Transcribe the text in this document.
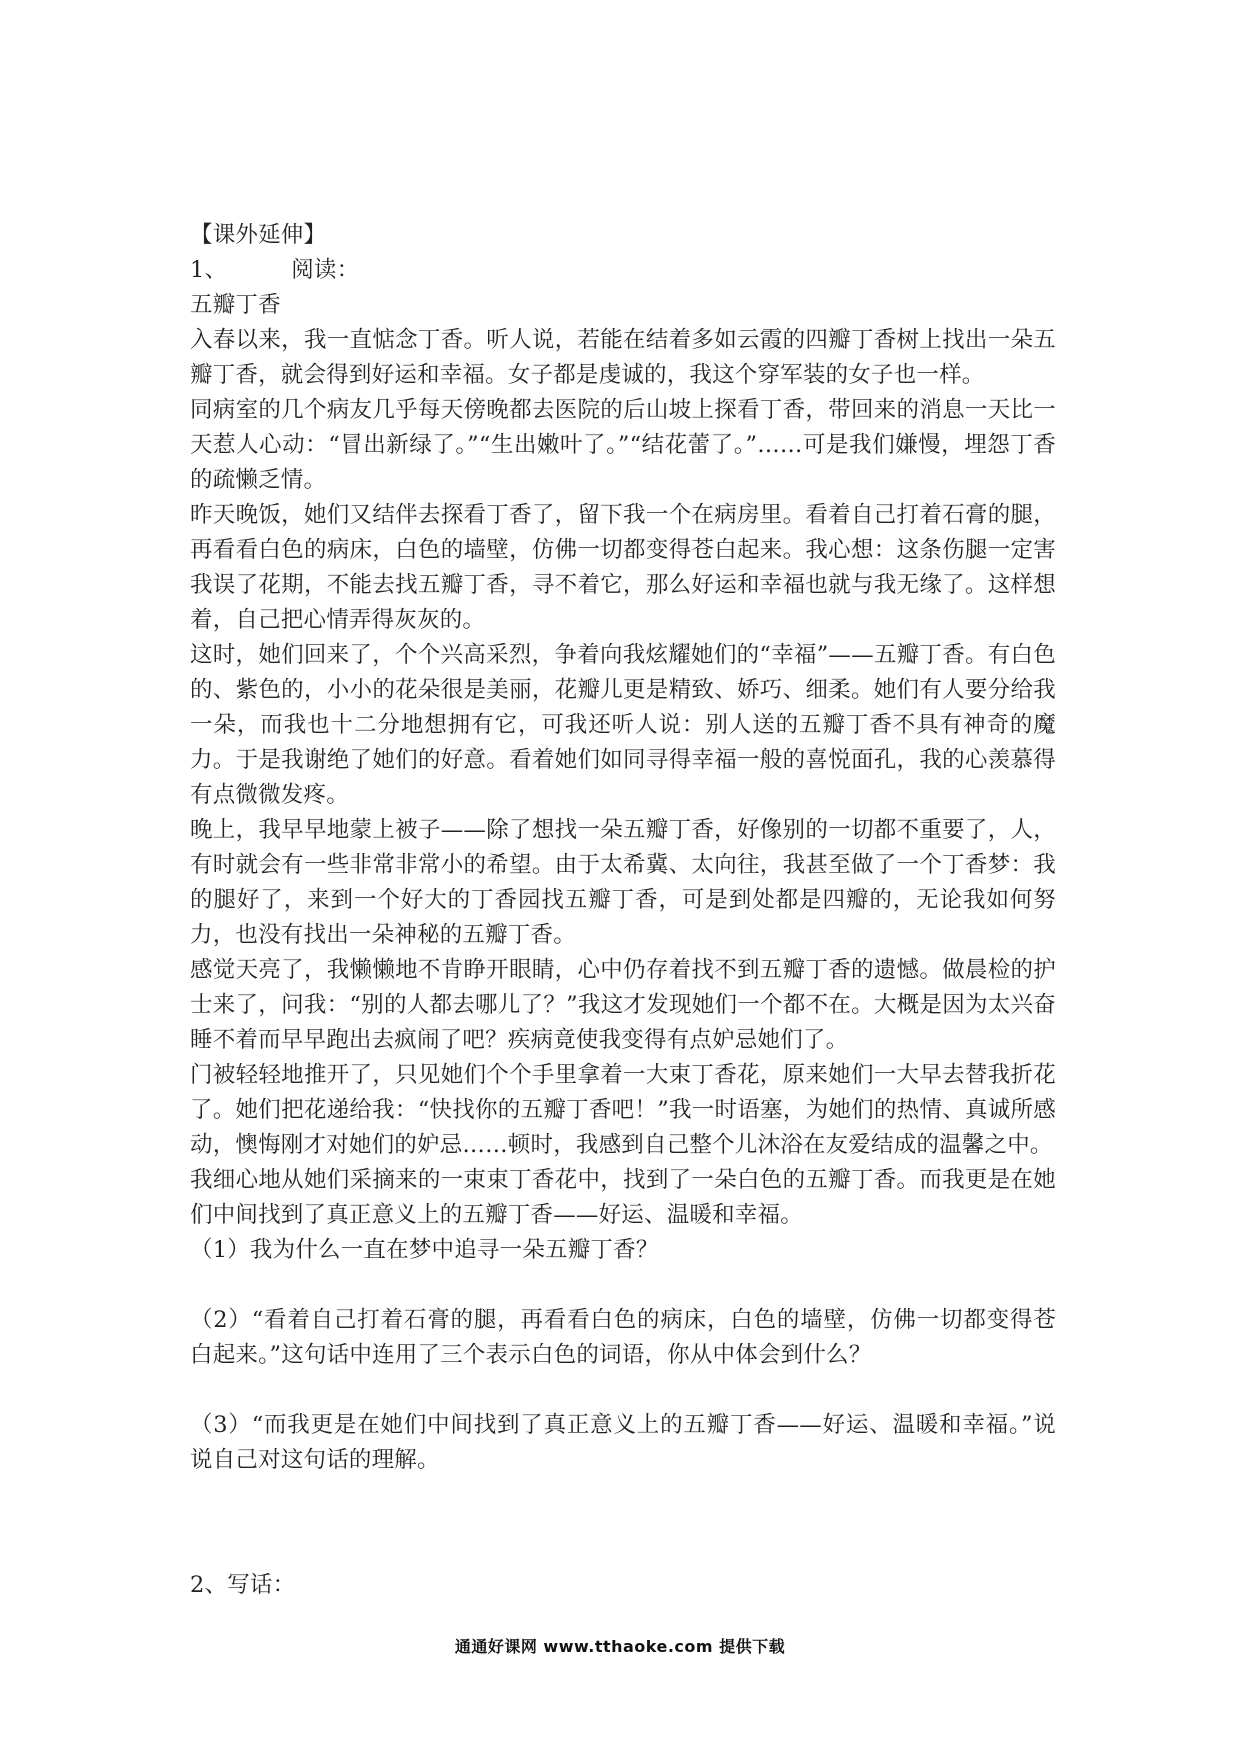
【课外延伸】
1、	阅读：
五瓣丁香
入春以来，我一直惦念丁香。听人说，若能在结着多如云霞的四瓣丁香树上找出一朵五瓣丁香，就会得到好运和幸福。女子都是虔诚的，我这个穿军装的女子也一样。
同病室的几个病友几乎每天傍晚都去医院的后山坡上探看丁香，带回来的消息一天比一天惹人心动：“冒出新绿了。”“生出嫩叶了。”“结花蕾了。”……可是我们嫌慢，埋怨丁香的疏懒乏情。
昨天晚饭，她们又结伴去探看丁香了，留下我一个在病房里。看着自己打着石膏的腿，再看看白色的病床，白色的墙壁，仿佛一切都变得苍白起来。我心想：这条伤腿一定害我误了花期，不能去找五瓣丁香，寻不着它，那么好运和幸福也就与我无缘了。这样想着，自己把心情弄得灰灰的。
这时，她们回来了，个个兴高采烈，争着向我炫耀她们的“幸福”——五瓣丁香。有白色的、紫色的，小小的花朵很是美丽，花瓣儿更是精致、娇巧、细柔。她们有人要分给我一朵，而我也十二分地想拥有它，可我还听人说：别人送的五瓣丁香不具有神奇的魔力。于是我谢绝了她们的好意。看着她们如同寻得幸福一般的喜悦面孔，我的心羡慕得有点微微发疼。
晚上，我早早地蒙上被子——除了想找一朵五瓣丁香，好像别的一切都不重要了，人，有时就会有一些非常非常小的希望。由于太希冀、太向往，我甚至做了一个丁香梦：我的腿好了，来到一个好大的丁香园找五瓣丁香，可是到处都是四瓣的，无论我如何努力，也没有找出一朵神秘的五瓣丁香。
感觉天亮了，我懒懒地不肯睁开眼睛，心中仍存着找不到五瓣丁香的遗憾。做晨检的护士来了，问我：“别的人都去哪儿了？”我这才发现她们一个都不在。大概是因为太兴奋睡不着而早早跑出去疯闹了吧？疾病竟使我变得有点妒忌她们了。
门被轻轻地推开了，只见她们个个手里拿着一大束丁香花，原来她们一大早去替我折花了。她们把花递给我：“快找你的五瓣丁香吧！”我一时语塞，为她们的热情、真诚所感动，懊悔刚才对她们的妒忌……顿时，我感到自己整个儿沐浴在友爱结成的温馨之中。
我细心地从她们采摘来的一束束丁香花中，找到了一朵白色的五瓣丁香。而我更是在她们中间找到了真正意义上的五瓣丁香——好运、温暖和幸福。
（1）我为什么一直在梦中追寻一朵五瓣丁香？
（2）“看着自己打着石膏的腿，再看看白色的病床，白色的墙壁，仿佛一切都变得苍白起来。”这句话中连用了三个表示白色的词语，你从中体会到什么？
（3）“而我更是在她们中间找到了真正意义上的五瓣丁香——好运、温暖和幸福。”说说自己对这句话的理解。
2、写话：
通通好课网 www.tthaoke.com 提供下载
